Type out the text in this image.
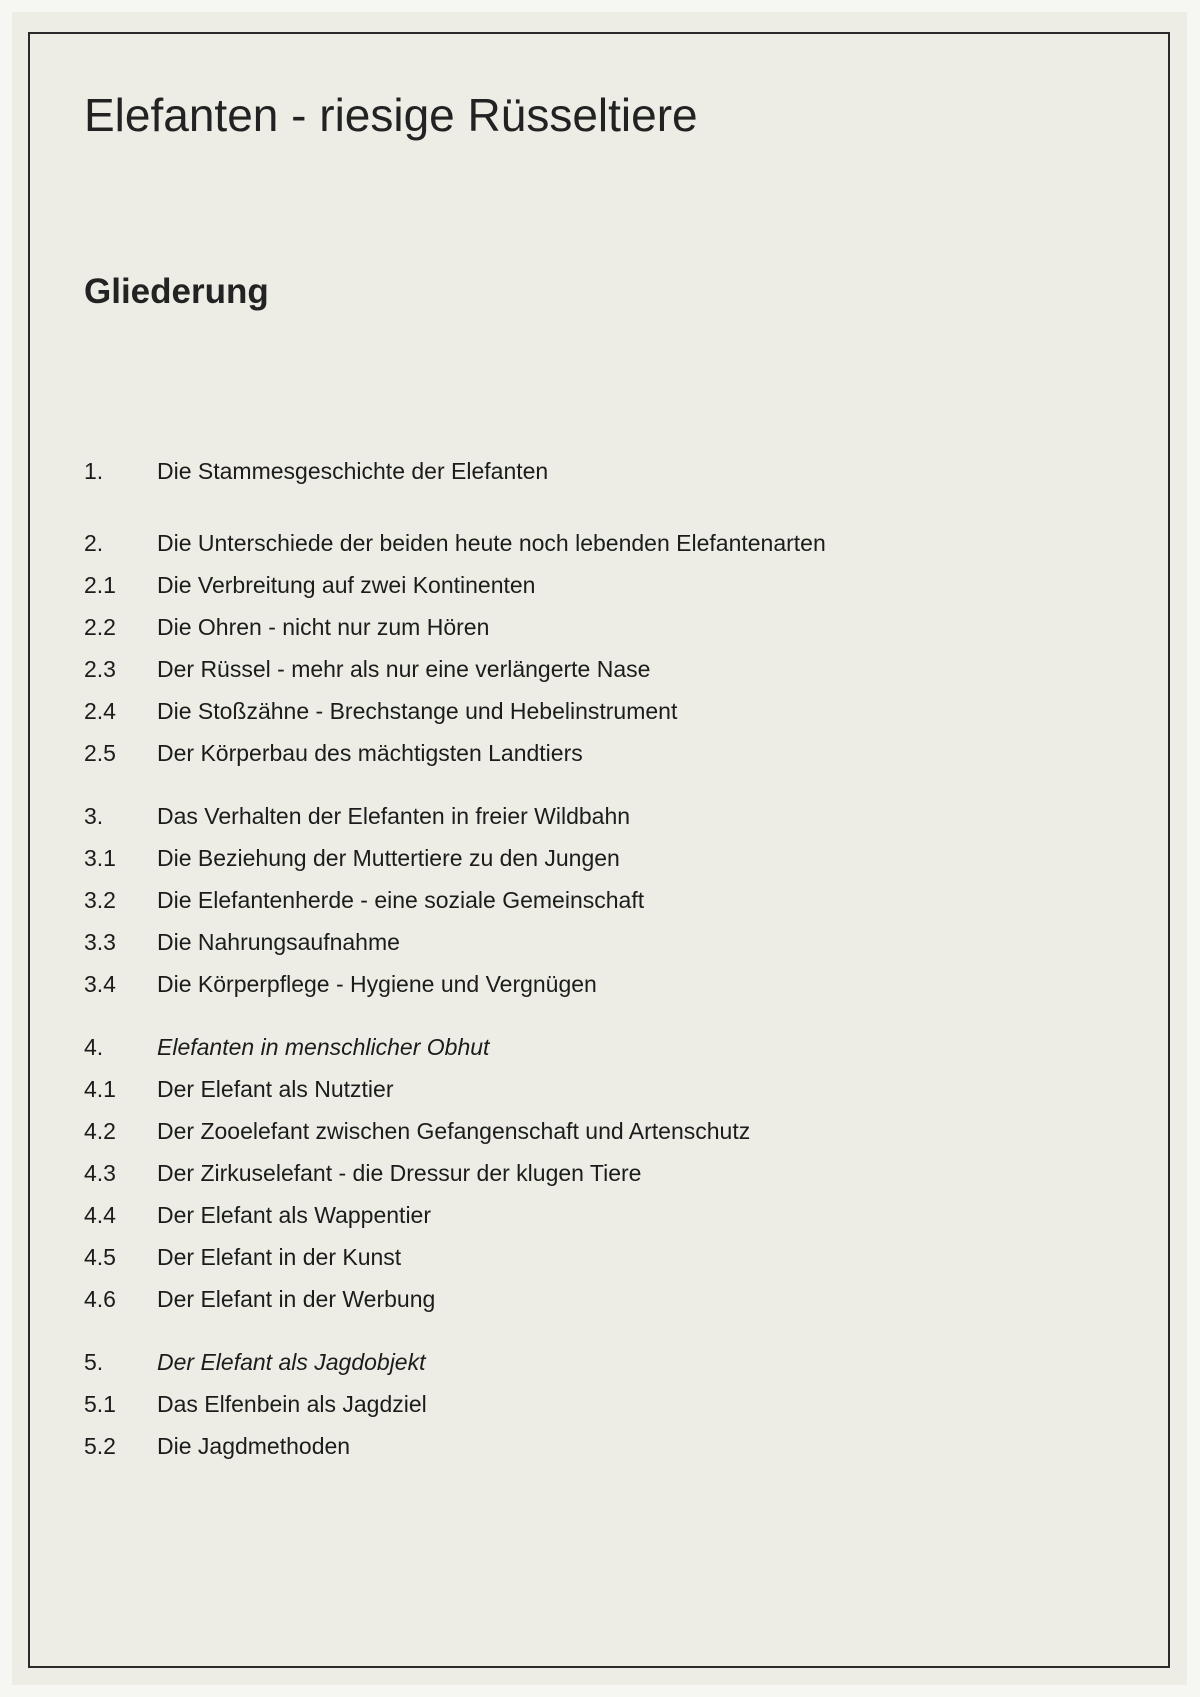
Elefanten - riesige Rüsseltiere
Gliederung
1.	Die Stammesgeschichte der Elefanten
2.	Die Unterschiede der beiden heute noch lebenden Elefantenarten
2.1	Die Verbreitung auf zwei Kontinenten
2.2	Die Ohren - nicht nur zum Hören
2.3	Der Rüssel - mehr als nur eine verlängerte Nase
2.4	Die Stoßzähne - Brechstange und Hebelinstrument
2.5	Der Körperbau des mächtigsten Landtiers
3.	Das Verhalten der Elefanten in freier Wildbahn
3.1	Die Beziehung der Muttertiere zu den Jungen
3.2	Die Elefantenherde - eine soziale Gemeinschaft
3.3	Die Nahrungsaufnahme
3.4	Die Körperpflege - Hygiene und Vergnügen
4.	Elefanten in menschlicher Obhut
4.1	Der Elefant als Nutztier
4.2	Der Zooelefant zwischen Gefangenschaft und Artenschutz
4.3	Der Zirkuselefant - die Dressur der klugen Tiere
4.4	Der Elefant als Wappentier
4.5	Der Elefant in der Kunst
4.6	Der Elefant in der Werbung
5.	Der Elefant als Jagdobjekt
5.1	Das Elfenbein als Jagdziel
5.2	Die Jagdmethoden
